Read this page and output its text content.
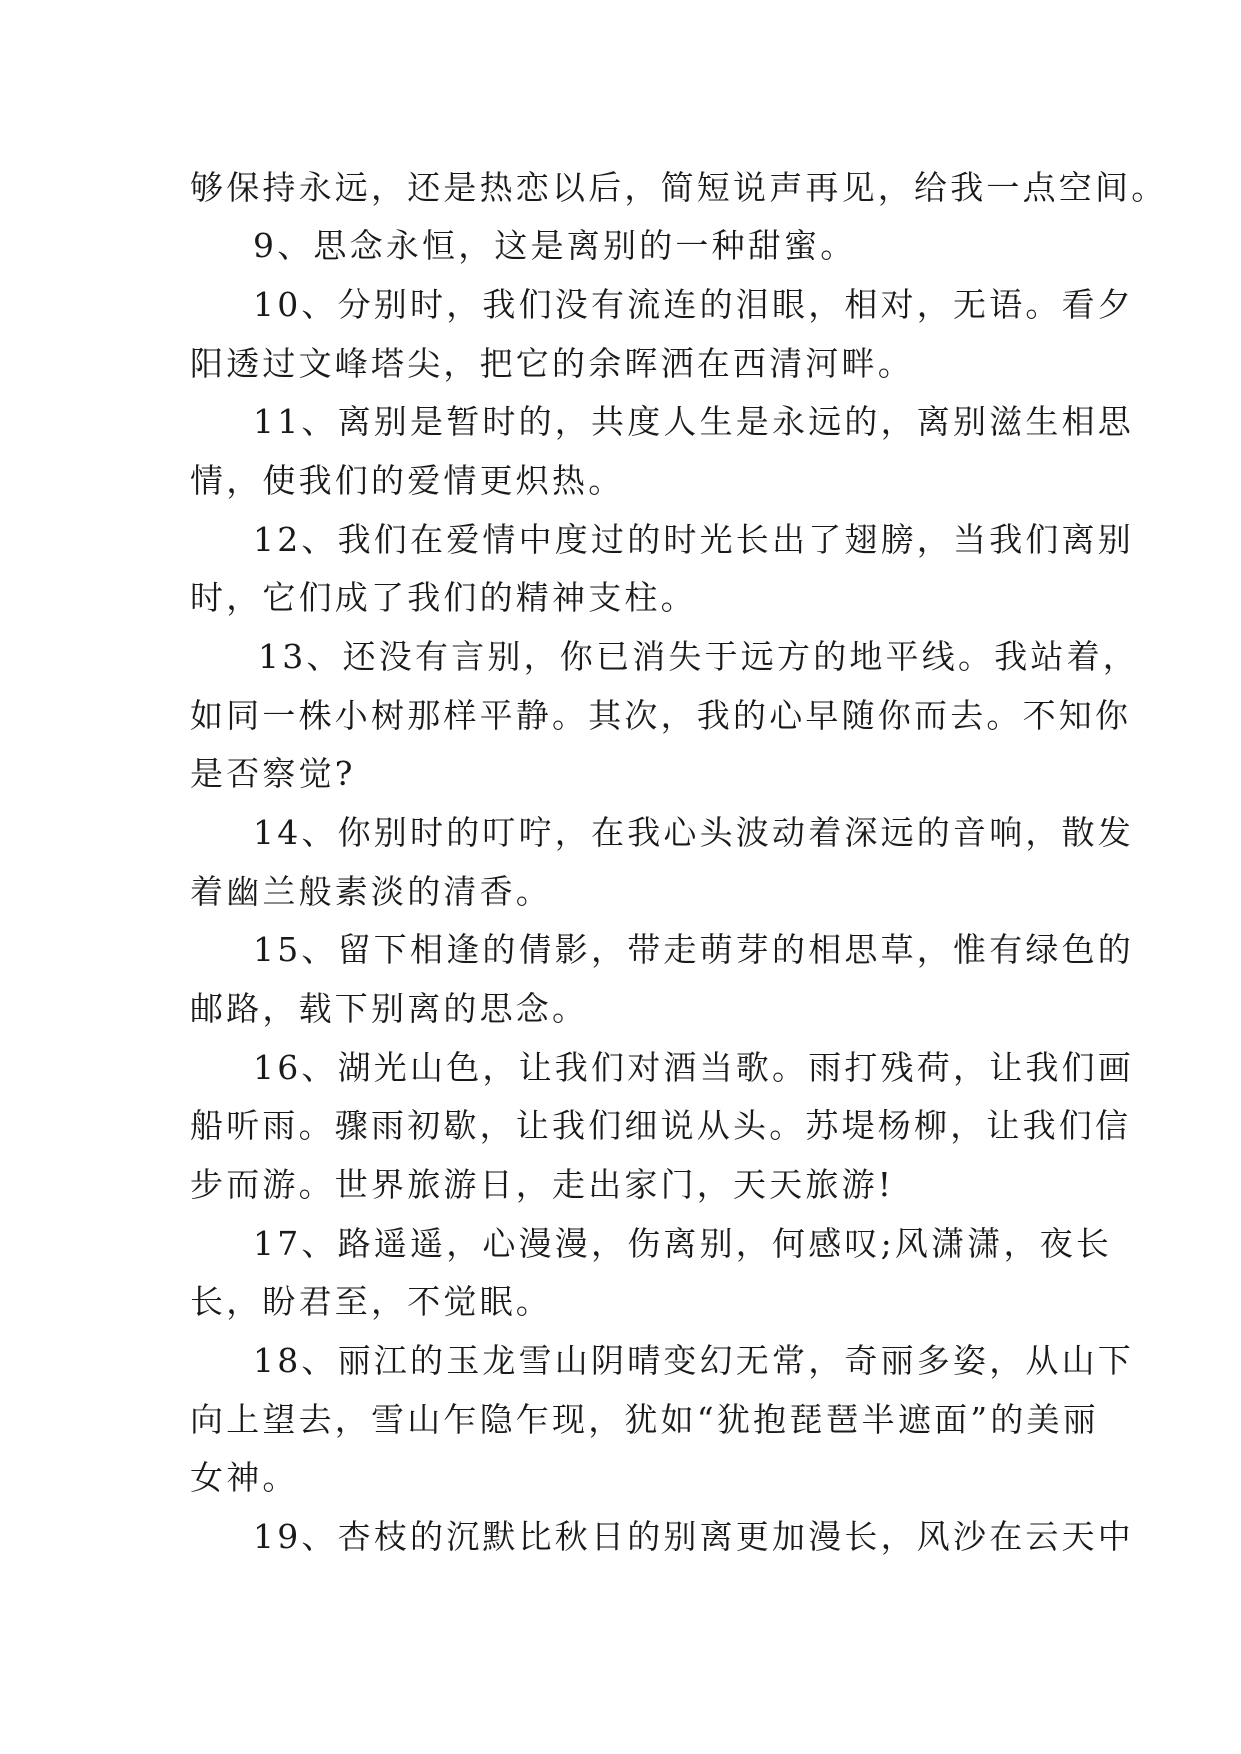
够保持永远，还是热恋以后，简短说声再见，给我一点空间。
9、思念永恒，这是离别的一种甜蜜。
10、分别时，我们没有流连的泪眼，相对，无语。看夕
阳透过文峰塔尖，把它的余晖洒在西清河畔。
11、离别是暂时的，共度人生是永远的，离别滋生相思
情，使我们的爱情更炽热。
12、我们在爱情中度过的时光长出了翅膀，当我们离别
时，它们成了我们的精神支柱。
13、还没有言别，你已消失于远方的地平线。我站着，
如同一株小树那样平静。其次，我的心早随你而去。不知你
是否察觉?
14、你别时的叮咛，在我心头波动着深远的音响，散发
着幽兰般素淡的清香。
15、留下相逢的倩影，带走萌芽的相思草，惟有绿色的
邮路，载下别离的思念。
16、湖光山色，让我们对酒当歌。雨打残荷，让我们画
船听雨。骤雨初歇，让我们细说从头。苏堤杨柳，让我们信
步而游。世界旅游日，走出家门，天天旅游!
17、路遥遥，心漫漫，伤离别，何感叹;风潇潇，夜长
长，盼君至，不觉眠。
18、丽江的玉龙雪山阴晴变幻无常，奇丽多姿，从山下
向上望去，雪山乍隐乍现，犹如“犹抱琵琶半遮面”的美丽
女神。
19、杏枝的沉默比秋日的别离更加漫长，风沙在云天中
